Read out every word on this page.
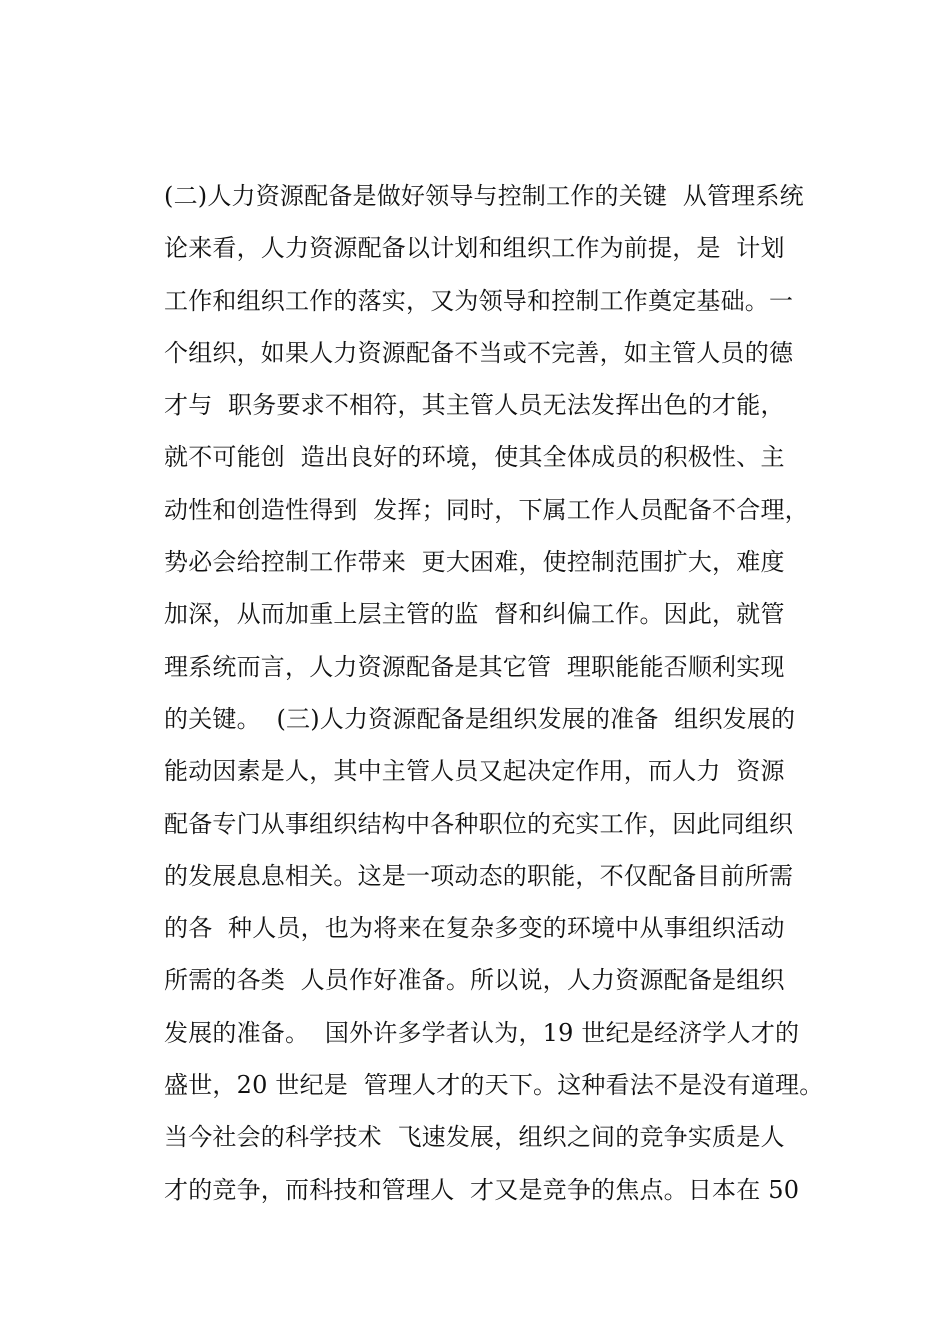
(二)人力资源配备是做好领导与控制工作的关键  从管理系统
论来看，人力资源配备以计划和组织工作为前提，是  计划
工作和组织工作的落实，又为领导和控制工作奠定基础。一
个组织，如果人力资源配备不当或不完善，如主管人员的德
才与  职务要求不相符，其主管人员无法发挥出色的才能，
就不可能创  造出良好的环境，使其全体成员的积极性、主
动性和创造性得到  发挥；同时，下属工作人员配备不合理，
势必会给控制工作带来  更大困难，使控制范围扩大，难度
加深，从而加重上层主管的监  督和纠偏工作。因此，就管
理系统而言，人力资源配备是其它管  理职能能否顺利实现
的关键。  (三)人力资源配备是组织发展的准备  组织发展的
能动因素是人，其中主管人员又起决定作用，而人力  资源
配备专门从事组织结构中各种职位的充实工作，因此同组织
的发展息息相关。这是一项动态的职能，不仅配备目前所需
的各  种人员，也为将来在复杂多变的环境中从事组织活动
所需的各类  人员作好准备。所以说，人力资源配备是组织
发展的准备。  国外许多学者认为，19 世纪是经济学人才的
盛世，20 世纪是  管理人才的天下。这种看法不是没有道理。
当今社会的科学技术  飞速发展，组织之间的竞争实质是人
才的竞争，而科技和管理人  才又是竞争的焦点。日本在 50
